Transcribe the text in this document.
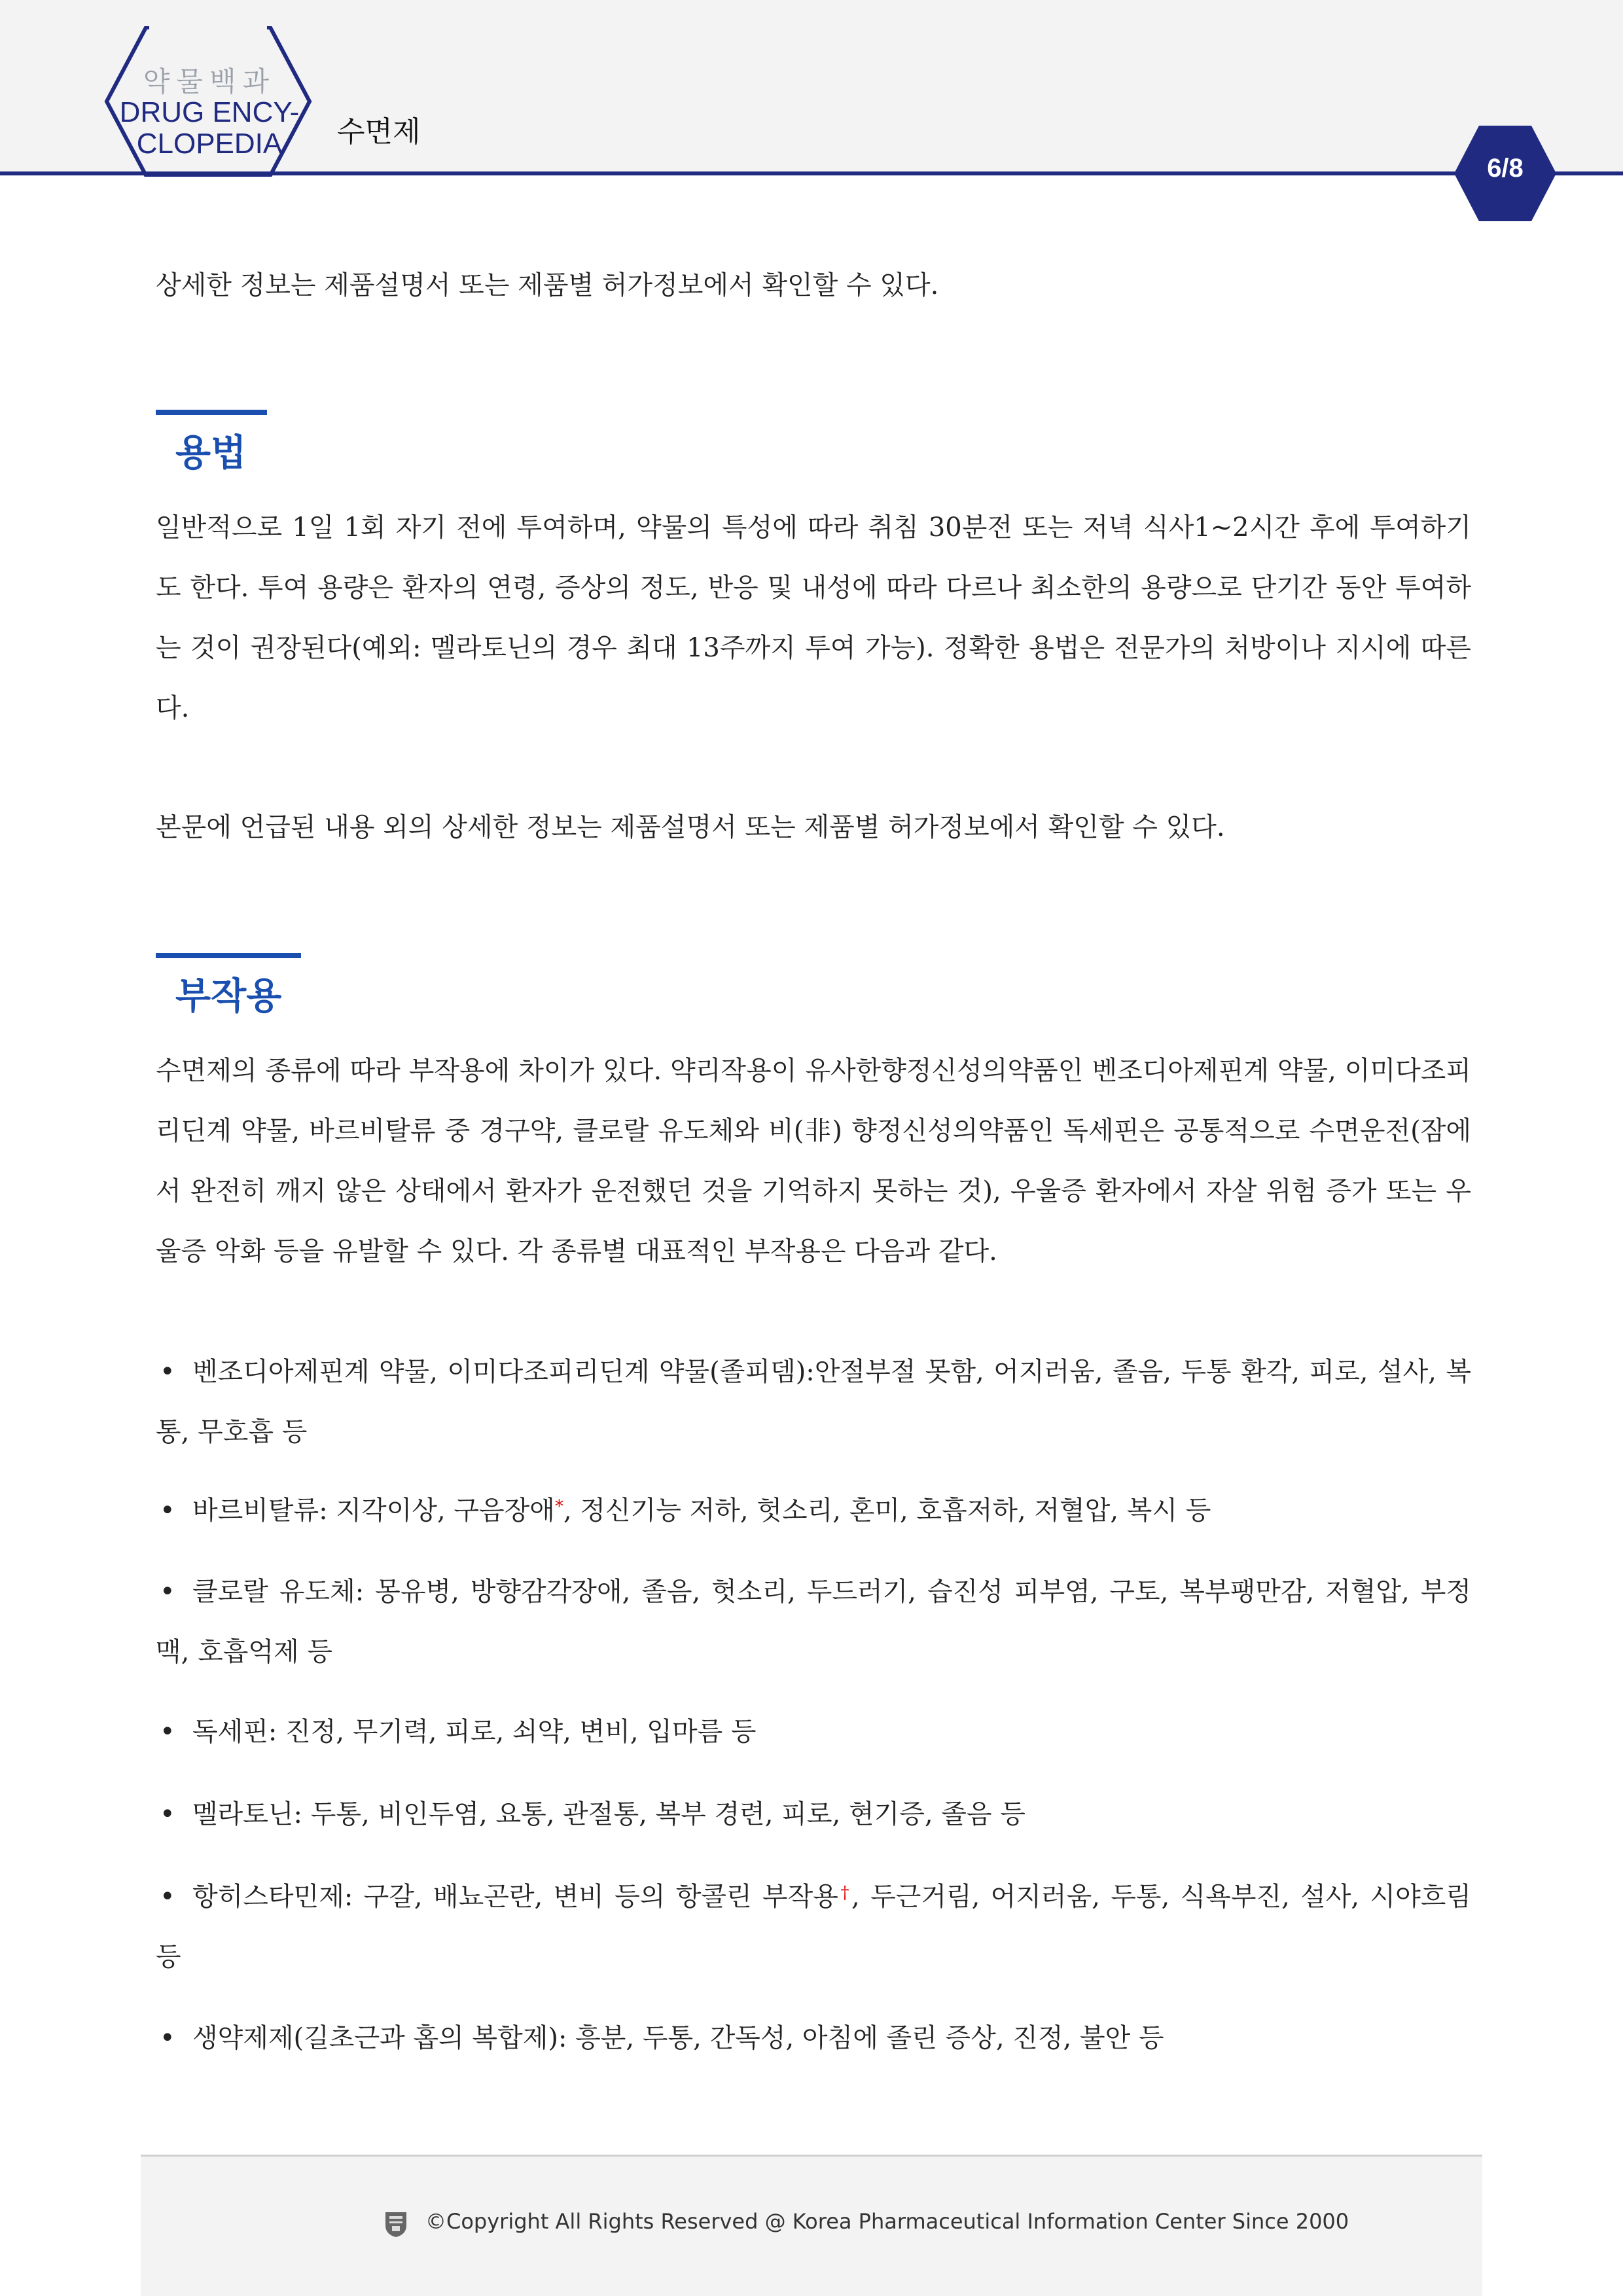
약물백과
DRUG ENCY-
CLOPEDIA	수면제
6/8
상세한 정보는 제품설명서 또는 제품별 허가정보에서 확인할 수 있다.
용법
일반적으로 1일 1회 자기 전에 투여하며, 약물의 특성에 따라 취침 30분전 또는 저녁 식사1~2시간 후에 투여하기도 한다. 투여 용량은 환자의 연령, 증상의 정도, 반응 및 내성에 따라 다르나 최소한의 용량으로 단기간 동안 투여하는 것이 권장된다(예외: 멜라토닌의 경우 최대 13주까지 투여 가능). 정확한 용법은 전문가의 처방이나 지시에 따른다.
본문에 언급된 내용 외의 상세한 정보는 제품설명서 또는 제품별 허가정보에서 확인할 수 있다.
부작용
수면제의 종류에 따라 부작용에 차이가 있다. 약리작용이 유사한향정신성의약품인 벤조디아제핀계 약물, 이미다조피리딘계 약물, 바르비탈류 중 경구약, 클로랄 유도체와 비(非) 향정신성의약품인 독세핀은 공통적으로 수면운전(잠에서 완전히 깨지 않은 상태에서 환자가 운전했던 것을 기억하지 못하는 것), 우울증 환자에서 자살 위험 증가 또는 우울증 악화 등을 유발할 수 있다. 각 종류별 대표적인 부작용은 다음과 같다.
• 벤조디아제핀계 약물, 이미다조피리딘계 약물(졸피뎀):안절부절 못함, 어지러움, 졸음, 두통 환각, 피로, 설사, 복통, 무호흡 등
• 바르비탈류: 지각이상, 구음장애*, 정신기능 저하, 헛소리, 혼미, 호흡저하, 저혈압, 복시 등
• 클로랄 유도체: 몽유병, 방향감각장애, 졸음, 헛소리, 두드러기, 습진성 피부염, 구토, 복부팽만감, 저혈압, 부정맥, 호흡억제 등
• 독세핀: 진정, 무기력, 피로, 쇠약, 변비, 입마름 등
• 멜라토닌: 두통, 비인두염, 요통, 관절통, 복부 경련, 피로, 현기증, 졸음 등
• 항히스타민제: 구갈, 배뇨곤란, 변비 등의 항콜린 부작용†, 두근거림, 어지러움, 두통, 식욕부진, 설사, 시야흐림 등
• 생약제제(길초근과 홉의 복합제): 흥분, 두통, 간독성, 아침에 졸린 증상, 진정, 불안 등
©Copyright All Rights Reserved @ Korea Pharmaceutical Information Center Since 2000
